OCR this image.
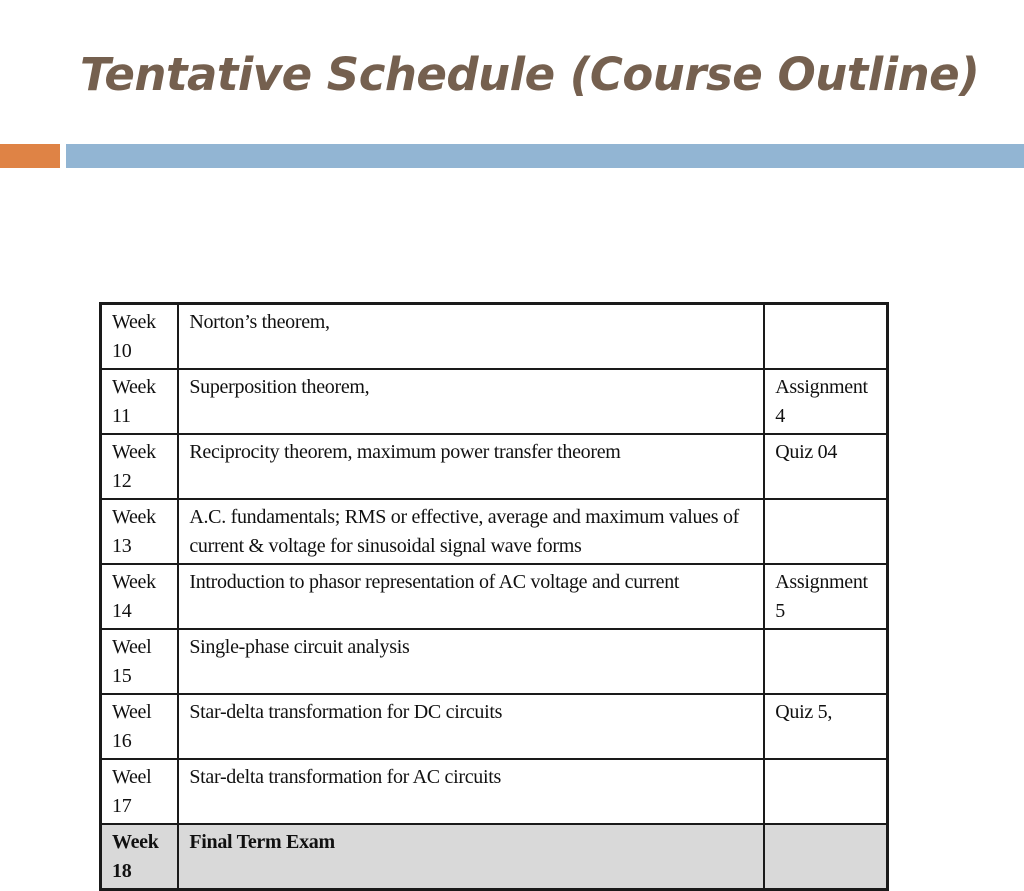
Tentative Schedule (Course Outline)
Week 10	Norton’s theorem,	
Week 11	Superposition theorem,	Assignment 4
Week 12	Reciprocity theorem, maximum power transfer theorem	Quiz 04
Week 13	A.C. fundamentals; RMS or effective, average and maximum values of current & voltage for sinusoidal signal wave forms	
Week 14	Introduction to phasor representation of AC voltage and current	Assignment 5
Weel 15	Single-phase circuit analysis	
Weel 16	Star-delta transformation for DC circuits	Quiz 5,
Weel 17	Star-delta transformation for AC circuits	
Week 18	Final Term Exam	
